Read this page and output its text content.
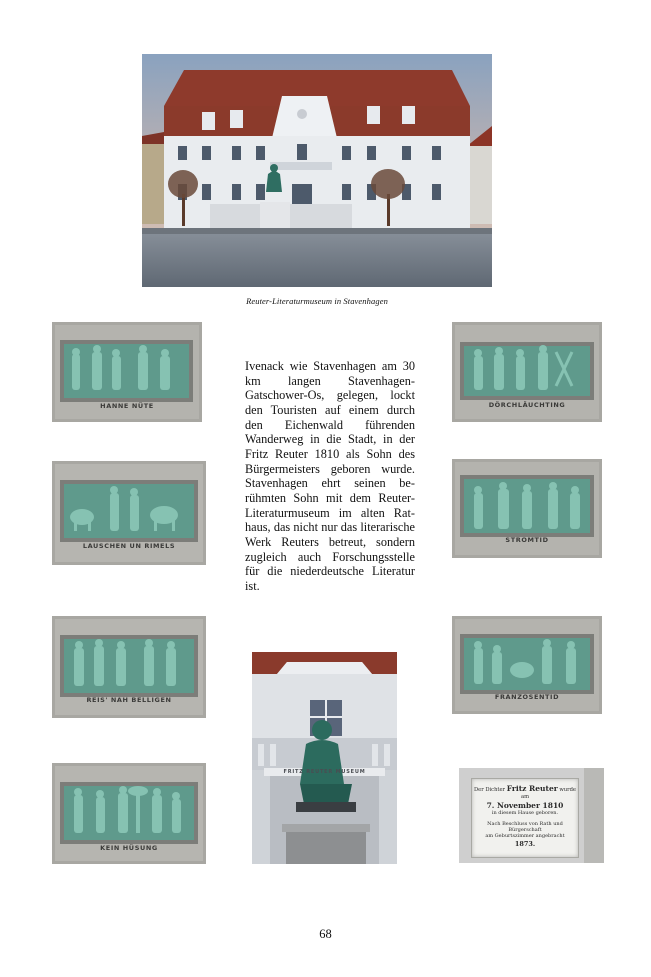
Reuter-Literaturmuseum in Stavenhagen
HANNE NÜTE
LAUSCHEN UN RIMELS
REIS' NAH BELLIGEN
KEIN HÜSUNG
DÖRCHLÄUCHTING
STROMTID
FRANZOSENTID
Ivenack wie Stavenhagen am 30 km langen Stavenhagen-Gatschower-Os, gelegen, lockt den Touristen auf einem durch den Eichenwald führenden Wanderweg in die Stadt, in der Fritz Reuter 1810 als Sohn des Bürgermeisters geboren wurde. Stavenhagen ehrt seinen berühmten Sohn mit dem Reuter-Literaturmuseum im alten Rathaus, das nicht nur das literarische Werk Reuters betreut, sondern zugleich auch Forschungsstelle für die niederdeutsche Literatur ist.
FRITZ REUTER MUSEUM
Der Dichter Fritz Reuter wurde am
7. November 1810
in diesem Hause geboren.
Nach Beschluss von Rath und Bürgerschaft
am Geburtszimmer angebracht
1873.
68
